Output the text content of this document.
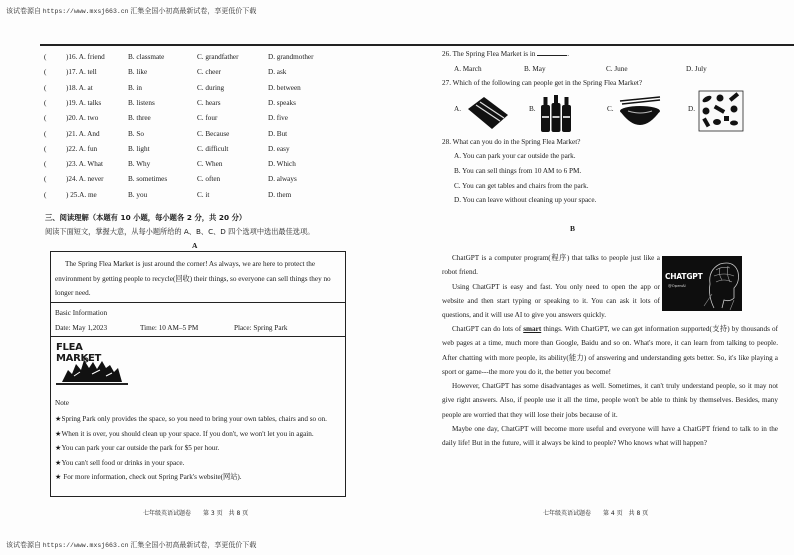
该试卷源自 https://www.mxsj663.cn 汇集全国小初高最新试卷，享更低价下载
(	)16. A. friend	B. classmate	C. grandfather	D. grandmother
(	)17. A. tell	B. like	C. cheer	D. ask
(	)18. A. at	B. in	C. during	D. between
(	)19. A. talks	B. listens	C. hears	D. speaks
(	)20. A. two	B. three	C. four	D. five
(	)21. A. And	B. So	C. Because	D. But
(	)22. A. fun	B. light	C. difficult	D. easy
(	)23. A. What	B. Why	C. When	D. Which
(	)24. A. never	B. sometimes	C. often	D. always
(	) 25.A. me	B. you	C. it	D. them
三、阅读理解（本题有 10 小题，每小题各 2 分，共 20 分）
阅读下面短文，掌握大意，从每小题所给的 A、B、C、D 四个选项中选出最佳选项。
A
The Spring Flea Market is just around the corner! As always, we are here to protect the environment by getting people to recycle(回收) their things, so everyone can sell things they no longer need.
Basic Information
Date: May 1,2023	Time: 10 AM–5 PM	Place: Spring Park
FLEA MARKET
Note
★Spring Park only provides the space, so you need to bring your own tables, chairs and so on.
★When it is over, you should clean up your space. If you don't, we won't let you in again.
★You can park your car outside the park for $5 per hour.
★You can't sell food or drinks in your space.
★ For more information, check out Spring Park's website(网站).
七年级英语试题卷　　第 3 页　共 8 页
26. The Spring Flea Market is in	.
A. March	B. May	C. June	D. July
27. Which of the following can people get in the Spring Flea Market?
A.	B.	C.	D.
28. What can you do in the Spring Flea Market?
A. You can park your car outside the park.
B. You can sell things from 10 AM to 6 PM.
C. You can get tables and chairs from the park.
D. You can leave without cleaning up your space.
B
CHATGPT
@OpenAI

ChatGPT is a computer program(程序) that talks to people just like a robot friend.

Using ChatGPT is easy and fast. You only need to open the app or website and then start typing or speaking to it. You can ask it lots of questions, and it will use AI to give you answers quickly.

ChatGPT can do lots of smart things. With ChatGPT, we can get information supported(支持) by thousands of web pages at a time, much more than Google, Baidu and so on. What's more, it can learn from talking to people. After chatting with more people, its ability(能力) of answering and understanding gets better. So, it's like playing a sport or game---the more you do it, the better you become!

However, ChatGPT has some disadvantages as well. Sometimes, it can't truly understand people, so it may not give right answers. Also, if people use it all the time, people won't be able to think by themselves. Besides, many people are worried that they will lose their jobs because of it.

Maybe one day, ChatGPT will become more useful and everyone will have a ChatGPT friend to talk to in the daily life! But in the future, will it always be kind to people? Who knows what will happen?

七年级英语试题卷　　第 4 页　共 8 页
该试卷源自 https://www.mxsj663.cn 汇集全国小初高最新试卷，享更低价下载
